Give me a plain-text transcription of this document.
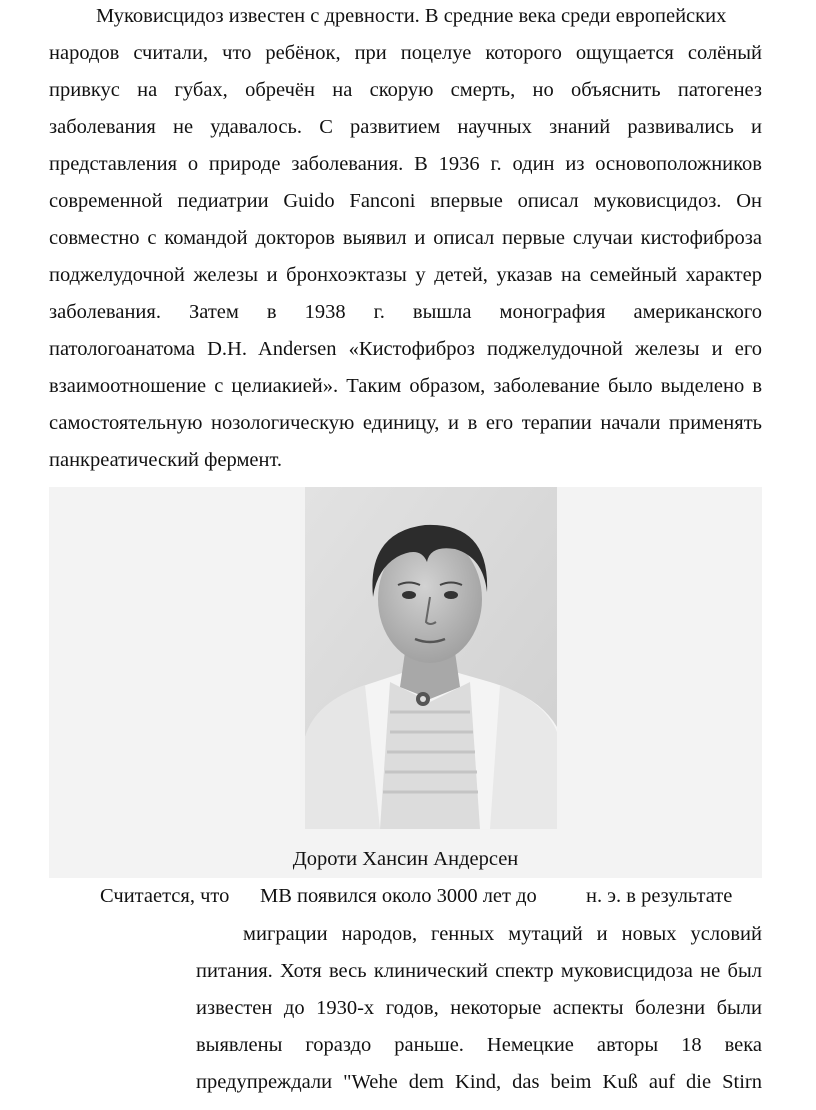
Муковисцидоз известен с древности. В средние века среди европейских
народов считали, что ребёнок, при поцелуе которого ощущается солёный
привкус на губах, обречён на скорую смерть, но объяснить патогенез
заболевания не удавалось. С развитием научных знаний развивались и
представления о природе заболевания. В 1936 г. один из основоположников
современной педиатрии Guido Fanconi впервые описал муковисцидоз. Он
совместно с командой докторов выявил и описал первые случаи кистофиброза
поджелудочной железы и бронхоэктазы у детей, указав на семейный характер
заболевания. Затем в 1938 г. вышла монография американского
патологоанатома D.H. Andersen «Кистофиброз поджелудочной железы и его
взаимоотношение с целиакией». Таким образом, заболевание было выделено в
самостоятельную нозологическую единицу, и в его терапии начали применять
панкреатический фермент.
Дороти Хансин Андерсен
Считается, что МВ появился около 3000 лет до н. э. в результате
миграции народов, генных мутаций и новых условий
питания. Хотя весь клинический спектр муковисцидоза не был
известен до 1930-х годов, некоторые аспекты болезни были
выявлены гораздо раньше. Немецкие авторы 18 века
предупреждали "Wehe dem Kind, das beim Kuß auf die Stirn
